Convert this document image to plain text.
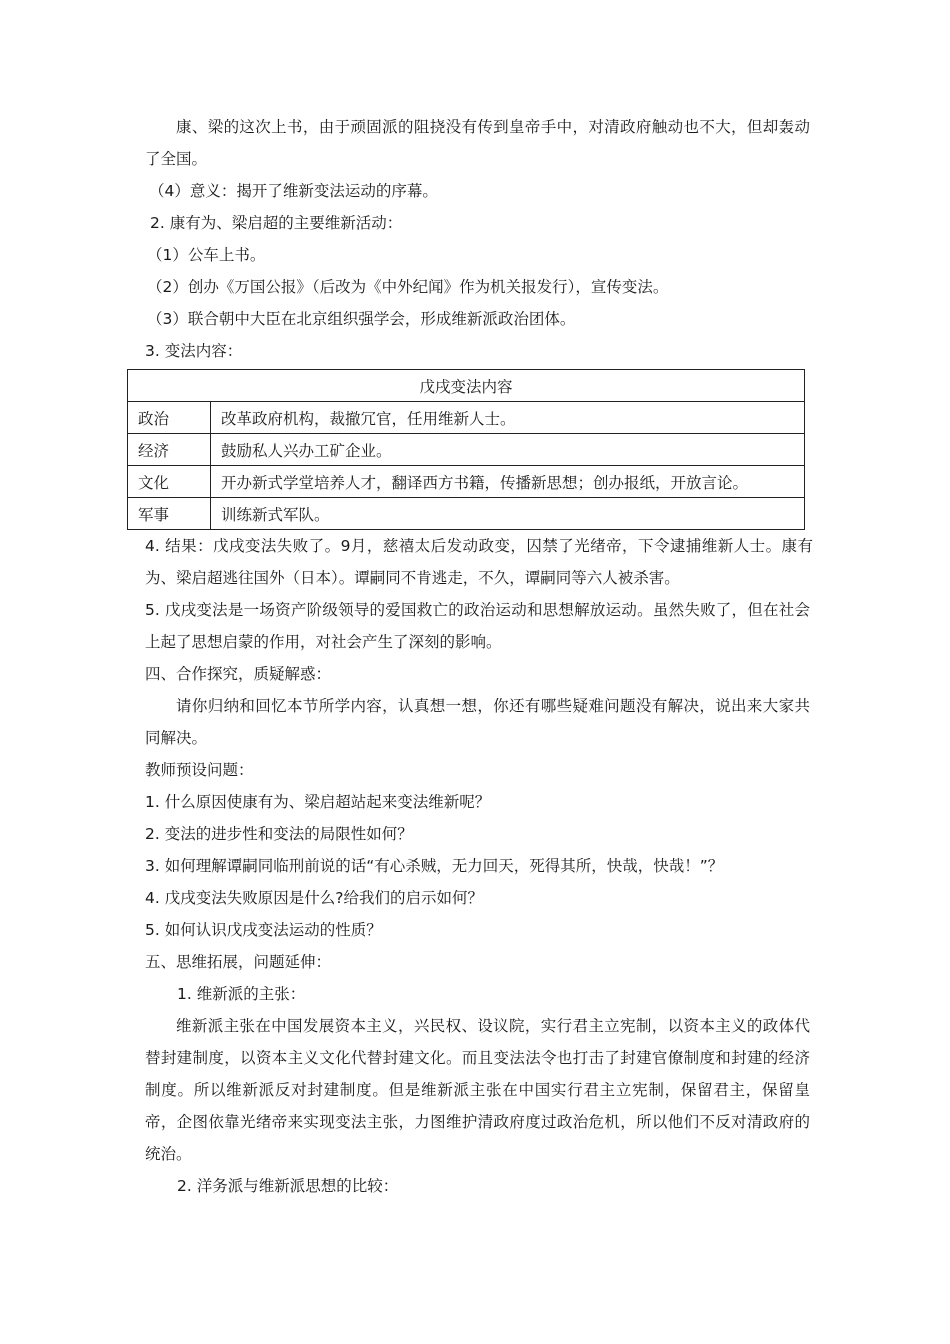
康、梁的这次上书，由于顽固派的阻挠没有传到皇帝手中，对清政府触动也不大，但却轰动了全国。

（4）意义：揭开了维新变法运动的序幕。

2. 康有为、梁启超的主要维新活动：

（1）公车上书。

（2）创办《万国公报》（后改为《中外纪闻》作为机关报发行），宣传变法。

（3）联合朝中大臣在北京组织强学会，形成维新派政治团体。

3. 变法内容：

戊戌变法内容	
政治	改革政府机构，裁撤冗官，任用维新人士。
经济	鼓励私人兴办工矿企业。
文化	开办新式学堂培养人才，翻译西方书籍，传播新思想；创办报纸，开放言论。
军事	训练新式军队。

4. 结果：戊戌变法失败了。9月，慈禧太后发动政变，囚禁了光绪帝，下令逮捕维新人士。康有为、梁启超逃往国外（日本）。谭嗣同不肯逃走，不久，谭嗣同等六人被杀害。

5. 戊戌变法是一场资产阶级领导的爱国救亡的政治运动和思想解放运动。虽然失败了，但在社会上起了思想启蒙的作用，对社会产生了深刻的影响。

四、合作探究，质疑解惑：

请你归纳和回忆本节所学内容，认真想一想，你还有哪些疑难问题没有解决，说出来大家共同解决。

教师预设问题：

1. 什么原因使康有为、梁启超站起来变法维新呢？

2. 变法的进步性和变法的局限性如何？

3. 如何理解谭嗣同临刑前说的话“有心杀贼，无力回天，死得其所，快哉，快哉！”？

4. 戊戌变法失败原因是什么?给我们的启示如何？

5. 如何认识戊戌变法运动的性质？

五、思维拓展，问题延伸：

1. 维新派的主张：

维新派主张在中国发展资本主义，兴民权、设议院，实行君主立宪制，以资本主义的政体代替封建制度，以资本主义文化代替封建文化。而且变法法令也打击了封建官僚制度和封建的经济制度。所以维新派反对封建制度。但是维新派主张在中国实行君主立宪制，保留君主，保留皇帝，企图依靠光绪帝来实现变法主张，力图维护清政府度过政治危机，所以他们不反对清政府的统治。

2. 洋务派与维新派思想的比较：
